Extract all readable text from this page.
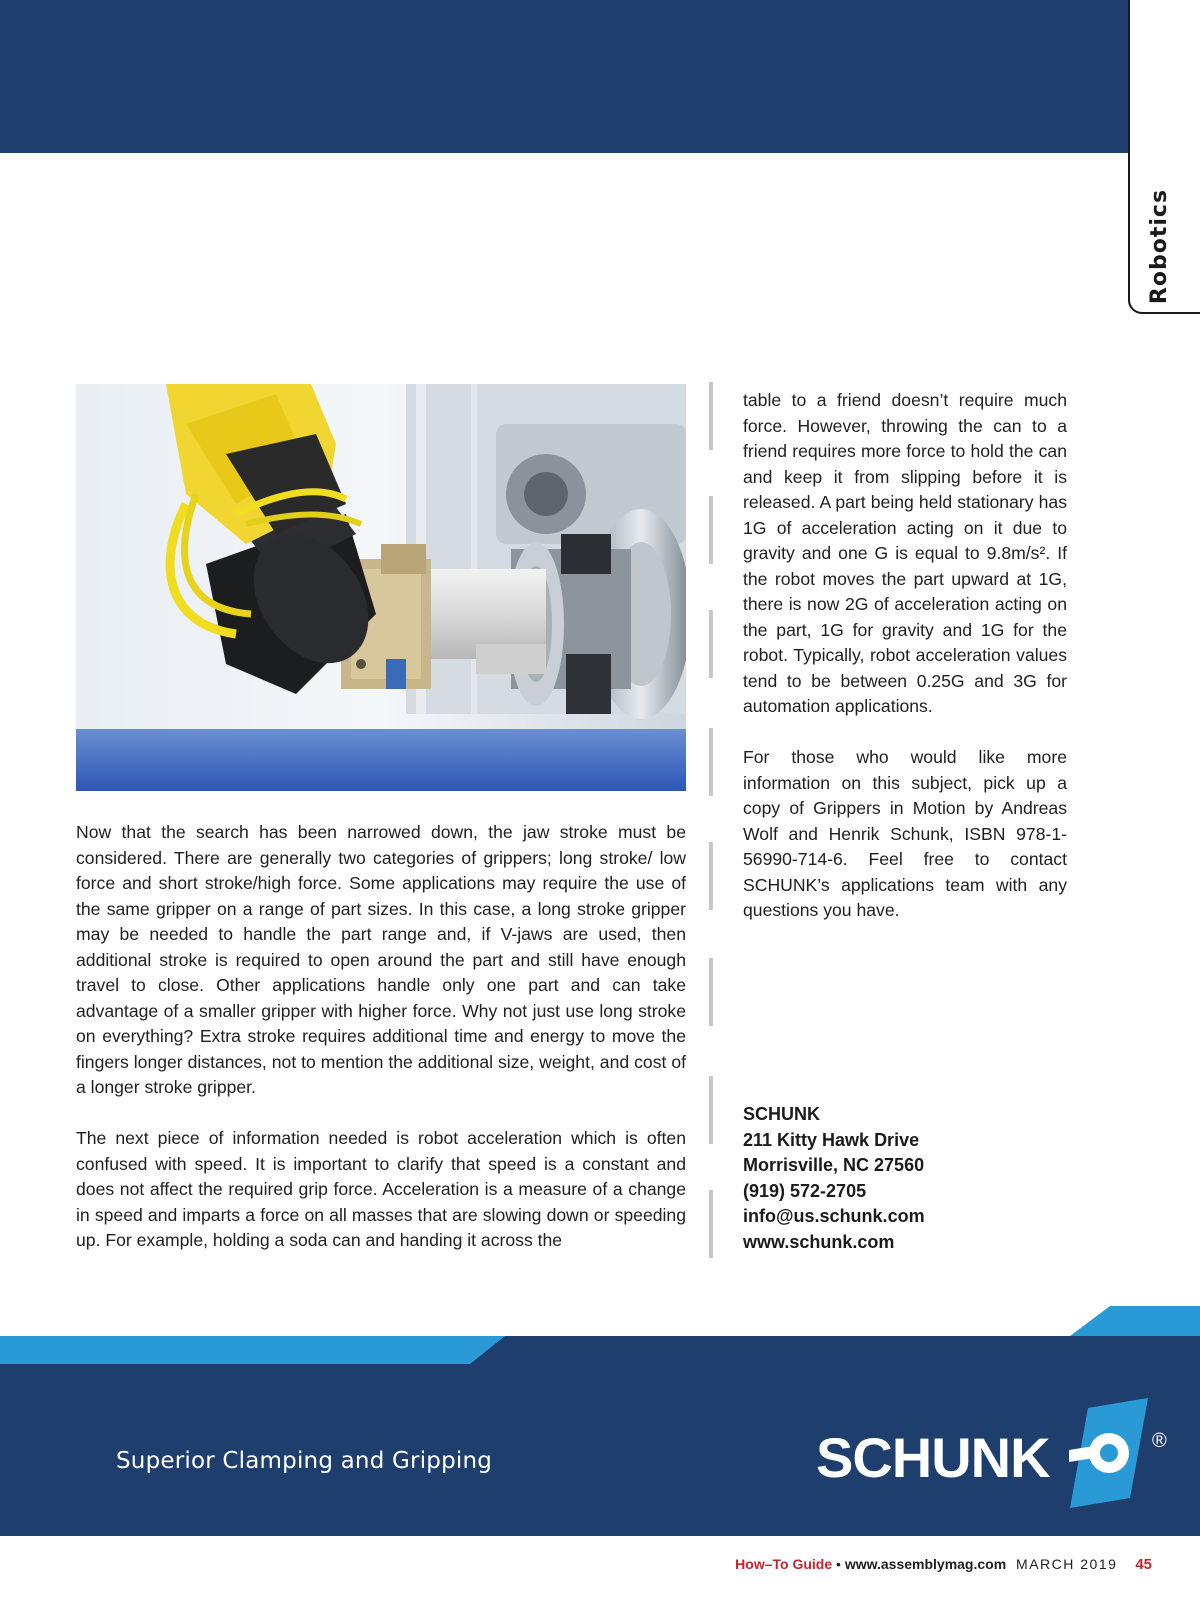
Robotics

Now that the search has been narrowed down, the jaw stroke must be considered. There are generally two categories of grippers; long stroke/ low force and short stroke/high force. Some applications may require the use of the same gripper on a range of part sizes. In this case, a long stroke gripper may be needed to handle the part range and, if V-jaws are used, then additional stroke is required to open around the part and still have enough travel to close. Other applications handle only one part and can take advantage of a smaller gripper with higher force. Why not just use long stroke on everything? Extra stroke requires additional time and energy to move the fingers longer distances, not to mention the additional size, weight, and cost of a longer stroke gripper.

The next piece of information needed is robot acceleration which is often confused with speed. It is important to clarify that speed is a constant and does not affect the required grip force. Acceleration is a measure of a change in speed and imparts a force on all masses that are slowing down or speeding up. For example, holding a soda can and handing it across the

table to a friend doesn’t require much force. However, throwing the can to a friend requires more force to hold the can and keep it from slipping before it is released. A part being held stationary has 1G of acceleration acting on it due to gravity and one G is equal to 9.8m/s². If the robot moves the part upward at 1G, there is now 2G of acceleration acting on the part, 1G for gravity and 1G for the robot. Typically, robot acceleration values tend to be between 0.25G and 3G for automation applications.

For those who would like more information on this subject, pick up a copy of Grippers in Motion by Andreas Wolf and Henrik Schunk, ISBN 978-1-56990-714-6. Feel free to contact SCHUNK’s applications team with any questions you have.

SCHUNK
211 Kitty Hawk Drive
Morrisville, NC 27560
(919) 572-2705
info@us.schunk.com
www.schunk.com
Superior Clamping and Gripping	SCHUNK	®
How–To Guide • www.assemblymag.com MARCH 2019 45
